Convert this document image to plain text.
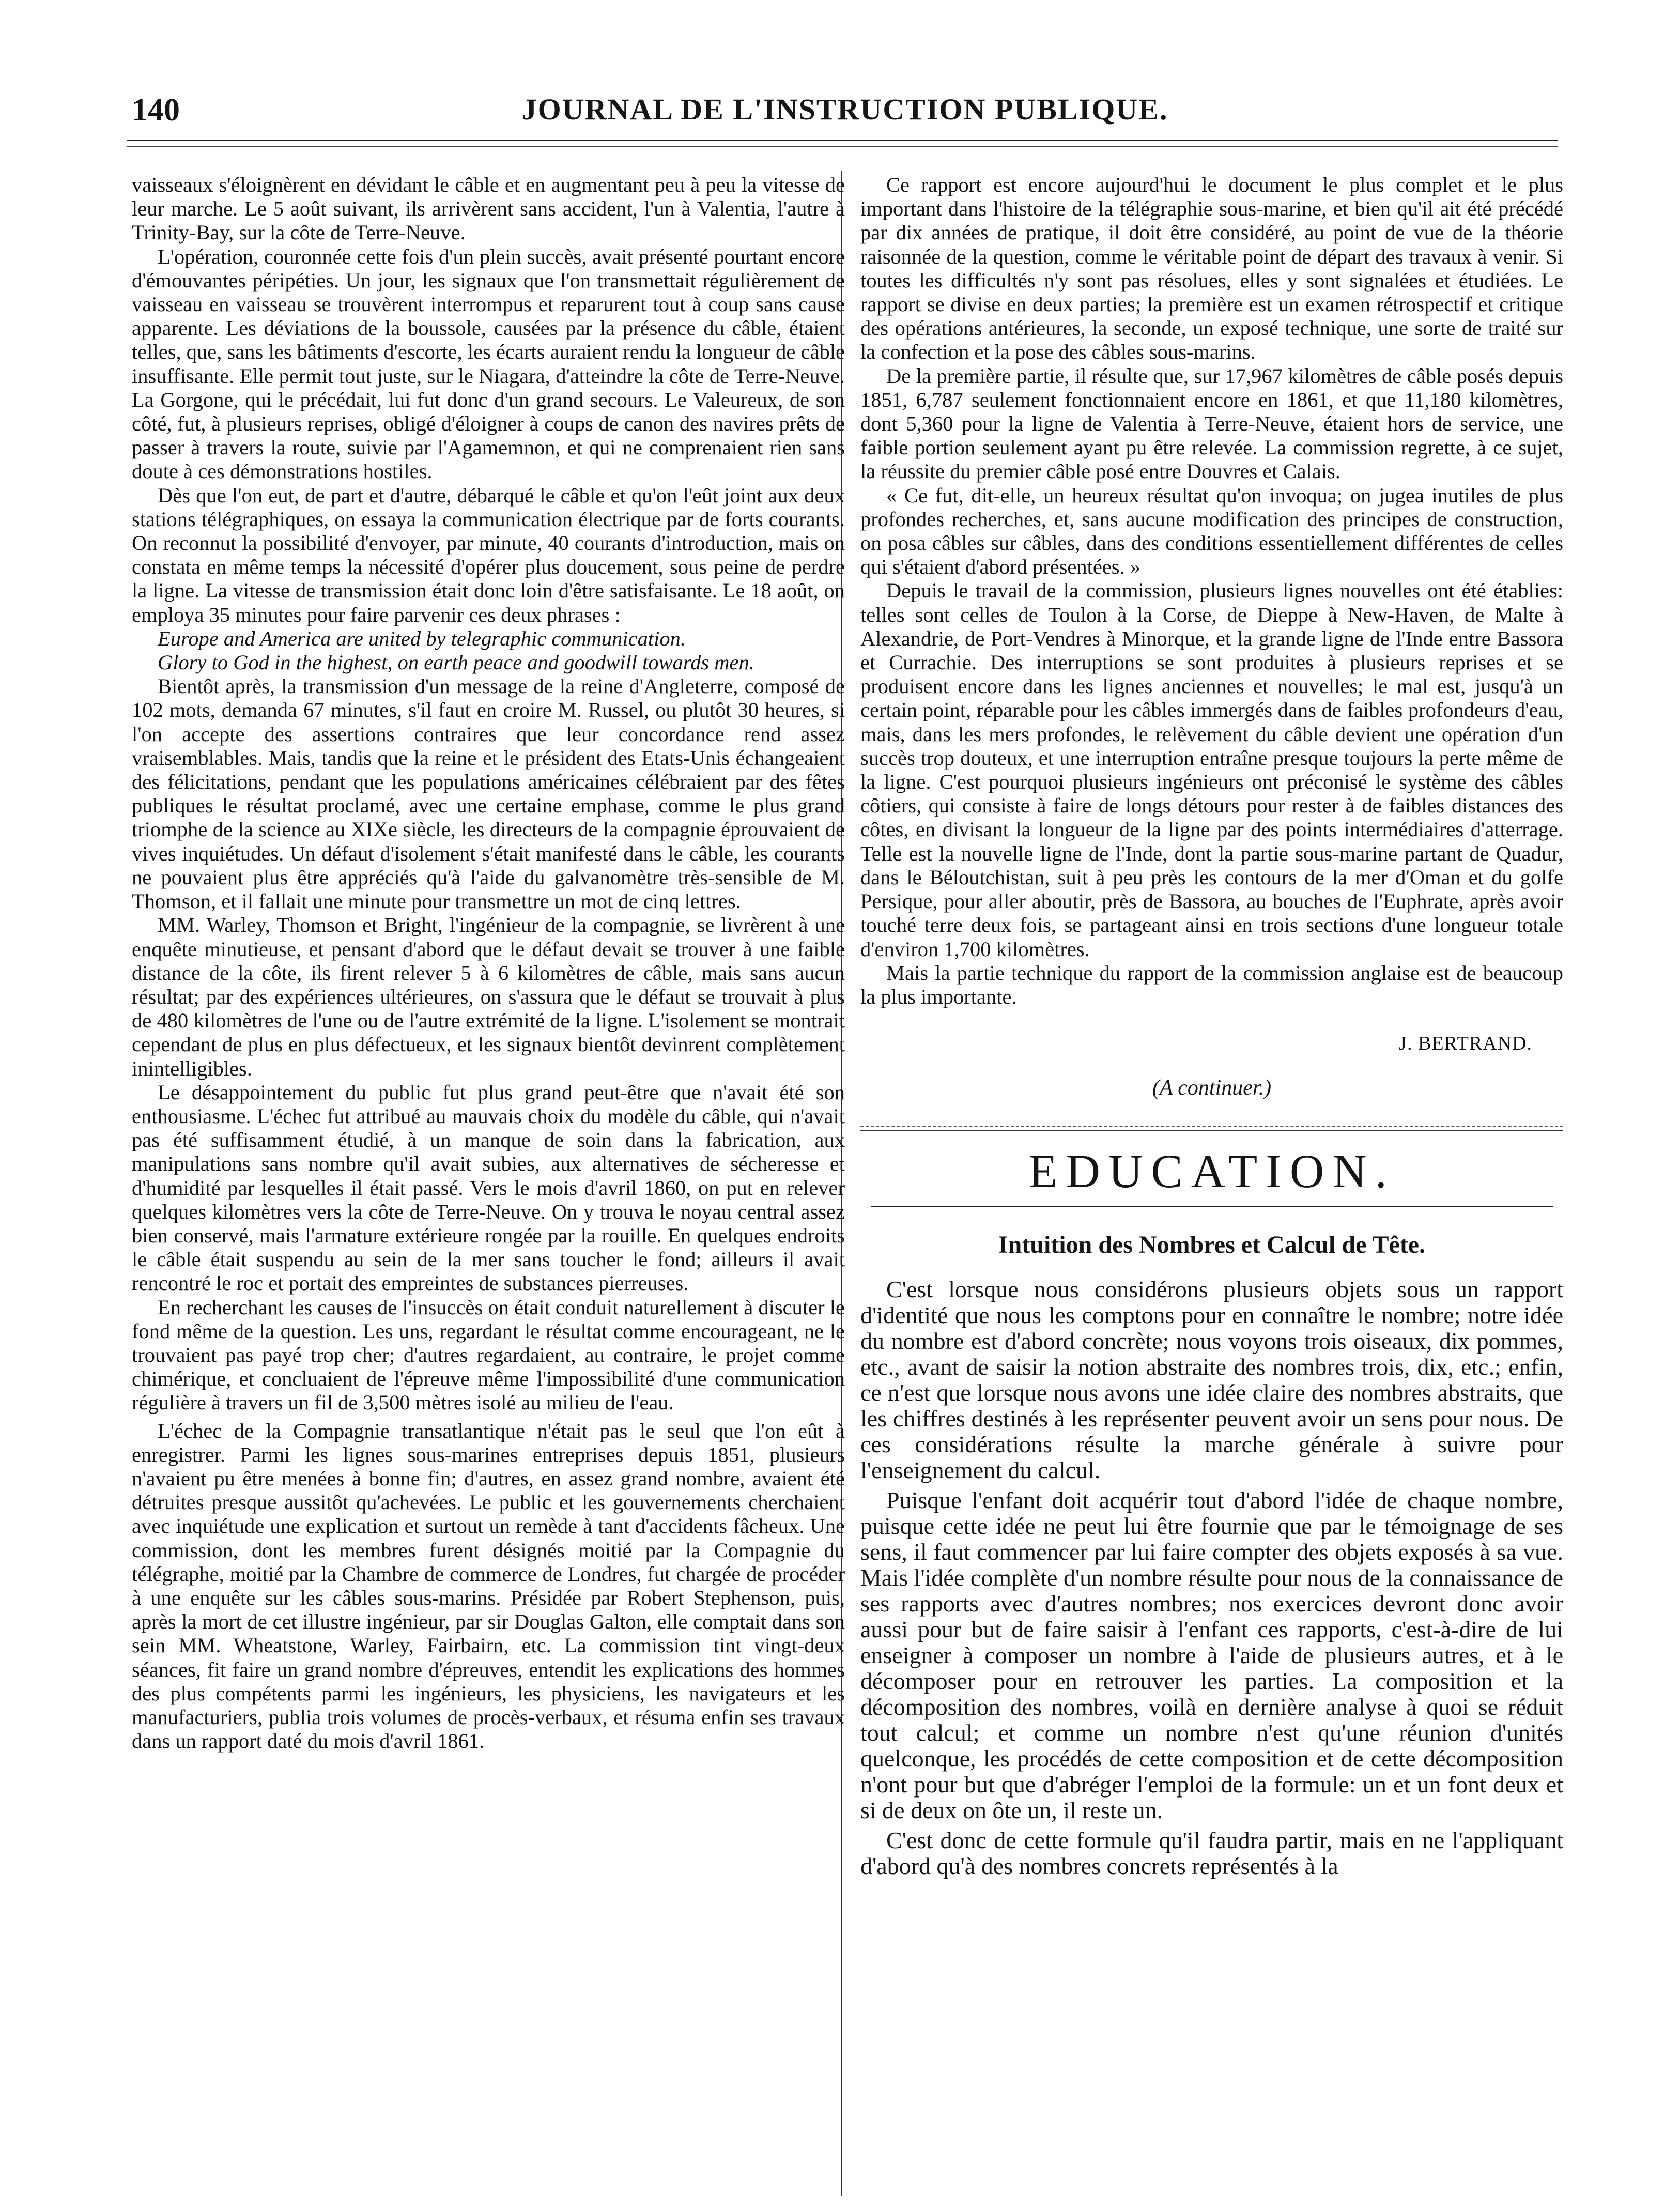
140	JOURNAL DE L'INSTRUCTION PUBLIQUE.

vaisseaux s'éloignèrent en dévidant le câble et en augmentant peu à peu la vitesse de leur marche. Le 5 août suivant, ils arrivèrent sans accident, l'un à Valentia, l'autre à Trinity-Bay, sur la côte de Terre-Neuve.

L'opération, couronnée cette fois d'un plein succès, avait présenté pourtant encore d'émouvantes péripéties. Un jour, les signaux que l'on transmettait régulièrement de vaisseau en vaisseau se trouvèrent interrompus et reparurent tout à coup sans cause apparente. Les déviations de la boussole, causées par la présence du câble, étaient telles, que, sans les bâtiments d'escorte, les écarts auraient rendu la longueur de câble insuffisante. Elle permit tout juste, sur le Niagara, d'atteindre la côte de Terre-Neuve. La Gorgone, qui le précédait, lui fut donc d'un grand secours. Le Valeureux, de son côté, fut, à plusieurs reprises, obligé d'éloigner à coups de canon des navires prêts de passer à travers la route, suivie par l'Agamemnon, et qui ne comprenaient rien sans doute à ces démonstrations hostiles.

Dès que l'on eut, de part et d'autre, débarqué le câble et qu'on l'eût joint aux deux stations télégraphiques, on essaya la communication électrique par de forts courants. On reconnut la possibilité d'envoyer, par minute, 40 courants d'introduction, mais on constata en même temps la nécessité d'opérer plus doucement, sous peine de perdre la ligne. La vitesse de transmission était donc loin d'être satisfaisante. Le 18 août, on employa 35 minutes pour faire parvenir ces deux phrases :

Europe and America are united by telegraphic communication.

Glory to God in the highest, on earth peace and goodwill towards men.

Bientôt après, la transmission d'un message de la reine d'Angleterre, composé de 102 mots, demanda 67 minutes, s'il faut en croire M. Russel, ou plutôt 30 heures, si l'on accepte des assertions contraires que leur concordance rend assez vraisemblables. Mais, tandis que la reine et le président des Etats-Unis échangeaient des félicitations, pendant que les populations américaines célébraient par des fêtes publiques le résultat proclamé, avec une certaine emphase, comme le plus grand triomphe de la science au XIXe siècle, les directeurs de la compagnie éprouvaient de vives inquiétudes. Un défaut d'isolement s'était manifesté dans le câble, les courants ne pouvaient plus être appréciés qu'à l'aide du galvanomètre très-sensible de M. Thomson, et il fallait une minute pour transmettre un mot de cinq lettres.

MM. Warley, Thomson et Bright, l'ingénieur de la compagnie, se livrèrent à une enquête minutieuse, et pensant d'abord que le défaut devait se trouver à une faible distance de la côte, ils firent relever 5 à 6 kilomètres de câble, mais sans aucun résultat; par des expériences ultérieures, on s'assura que le défaut se trouvait à plus de 480 kilomètres de l'une ou de l'autre extrémité de la ligne. L'isolement se montrait cependant de plus en plus défectueux, et les signaux bientôt devinrent complètement inintelligibles.

Le désappointement du public fut plus grand peut-être que n'avait été son enthousiasme. L'échec fut attribué au mauvais choix du modèle du câble, qui n'avait pas été suffisamment étudié, à un manque de soin dans la fabrication, aux manipulations sans nombre qu'il avait subies, aux alternatives de sécheresse et d'humidité par lesquelles il était passé. Vers le mois d'avril 1860, on put en relever quelques kilomètres vers la côte de Terre-Neuve. On y trouva le noyau central assez bien conservé, mais l'armature extérieure rongée par la rouille. En quelques endroits le câble était suspendu au sein de la mer sans toucher le fond; ailleurs il avait rencontré le roc et portait des empreintes de substances pierreuses.

En recherchant les causes de l'insuccès on était conduit naturellement à discuter le fond même de la question. Les uns, regardant le résultat comme encourageant, ne le trouvaient pas payé trop cher; d'autres regardaient, au contraire, le projet comme chimérique, et concluaient de l'épreuve même l'impossibilité d'une communication régulière à travers un fil de 3,500 mètres isolé au milieu de l'eau.

L'échec de la Compagnie transatlantique n'était pas le seul que l'on eût à enregistrer. Parmi les lignes sous-marines entreprises depuis 1851, plusieurs n'avaient pu être menées à bonne fin; d'autres, en assez grand nombre, avaient été détruites presque aussitôt qu'achevées. Le public et les gouvernements cherchaient avec inquiétude une explication et surtout un remède à tant d'accidents fâcheux. Une commission, dont les membres furent désignés moitié par la Compagnie du télégraphe, moitié par la Chambre de commerce de Londres, fut chargée de procéder à une enquête sur les câbles sous-marins. Présidée par Robert Stephenson, puis, après la mort de cet illustre ingénieur, par sir Douglas Galton, elle comptait dans son sein MM. Wheatstone, Warley, Fairbairn, etc. La commission tint vingt-deux séances, fit faire un grand nombre d'épreuves, entendit les explications des hommes des plus compétents parmi les ingénieurs, les physiciens, les navigateurs et les manufacturiers, publia trois volumes de procès-verbaux, et résuma enfin ses travaux dans un rapport daté du mois d'avril 1861.

Ce rapport est encore aujourd'hui le document le plus complet et le plus important dans l'histoire de la télégraphie sous-marine, et bien qu'il ait été précédé par dix années de pratique, il doit être considéré, au point de vue de la théorie raisonnée de la question, comme le véritable point de départ des travaux à venir. Si toutes les difficultés n'y sont pas résolues, elles y sont signalées et étudiées. Le rapport se divise en deux parties; la première est un examen rétrospectif et critique des opérations antérieures, la seconde, un exposé technique, une sorte de traité sur la confection et la pose des câbles sous-marins.

De la première partie, il résulte que, sur 17,967 kilomètres de câble posés depuis 1851, 6,787 seulement fonctionnaient encore en 1861, et que 11,180 kilomètres, dont 5,360 pour la ligne de Valentia à Terre-Neuve, étaient hors de service, une faible portion seulement ayant pu être relevée. La commission regrette, à ce sujet, la réussite du premier câble posé entre Douvres et Calais.

« Ce fut, dit-elle, un heureux résultat qu'on invoqua; on jugea inutiles de plus profondes recherches, et, sans aucune modification des principes de construction, on posa câbles sur câbles, dans des conditions essentiellement différentes de celles qui s'étaient d'abord présentées. »

Depuis le travail de la commission, plusieurs lignes nouvelles ont été établies: telles sont celles de Toulon à la Corse, de Dieppe à New-Haven, de Malte à Alexandrie, de Port-Vendres à Minorque, et la grande ligne de l'Inde entre Bassora et Currachie. Des interruptions se sont produites à plusieurs reprises et se produisent encore dans les lignes anciennes et nouvelles; le mal est, jusqu'à un certain point, réparable pour les câbles immergés dans de faibles profondeurs d'eau, mais, dans les mers profondes, le relèvement du câble devient une opération d'un succès trop douteux, et une interruption entraîne presque toujours la perte même de la ligne. C'est pourquoi plusieurs ingénieurs ont préconisé le système des câbles côtiers, qui consiste à faire de longs détours pour rester à de faibles distances des côtes, en divisant la longueur de la ligne par des points intermédiaires d'atterrage. Telle est la nouvelle ligne de l'Inde, dont la partie sous-marine partant de Quadur, dans le Béloutchistan, suit à peu près les contours de la mer d'Oman et du golfe Persique, pour aller aboutir, près de Bassora, au bouches de l'Euphrate, après avoir touché terre deux fois, se partageant ainsi en trois sections d'une longueur totale d'environ 1,700 kilomètres.

Mais la partie technique du rapport de la commission anglaise est de beaucoup la plus importante.

J. BERTRAND.
(A continuer.)
EDUCATION.
Intuition des Nombres et Calcul de Tête.

C'est lorsque nous considérons plusieurs objets sous un rapport d'identité que nous les comptons pour en connaître le nombre; notre idée du nombre est d'abord concrète; nous voyons trois oiseaux, dix pommes, etc., avant de saisir la notion abstraite des nombres trois, dix, etc.; enfin, ce n'est que lorsque nous avons une idée claire des nombres abstraits, que les chiffres destinés à les représenter peuvent avoir un sens pour nous. De ces considérations résulte la marche générale à suivre pour l'enseignement du calcul.

Puisque l'enfant doit acquérir tout d'abord l'idée de chaque nombre, puisque cette idée ne peut lui être fournie que par le témoignage de ses sens, il faut commencer par lui faire compter des objets exposés à sa vue. Mais l'idée complète d'un nombre résulte pour nous de la connaissance de ses rapports avec d'autres nombres; nos exercices devront donc avoir aussi pour but de faire saisir à l'enfant ces rapports, c'est-à-dire de lui enseigner à composer un nombre à l'aide de plusieurs autres, et à le décomposer pour en retrouver les parties. La composition et la décomposition des nombres, voilà en dernière analyse à quoi se réduit tout calcul; et comme un nombre n'est qu'une réunion d'unités quelconque, les procédés de cette composition et de cette décomposition n'ont pour but que d'abréger l'emploi de la formule: un et un font deux et si de deux on ôte un, il reste un.

C'est donc de cette formule qu'il faudra partir, mais en ne l'appliquant d'abord qu'à des nombres concrets représentés à la
